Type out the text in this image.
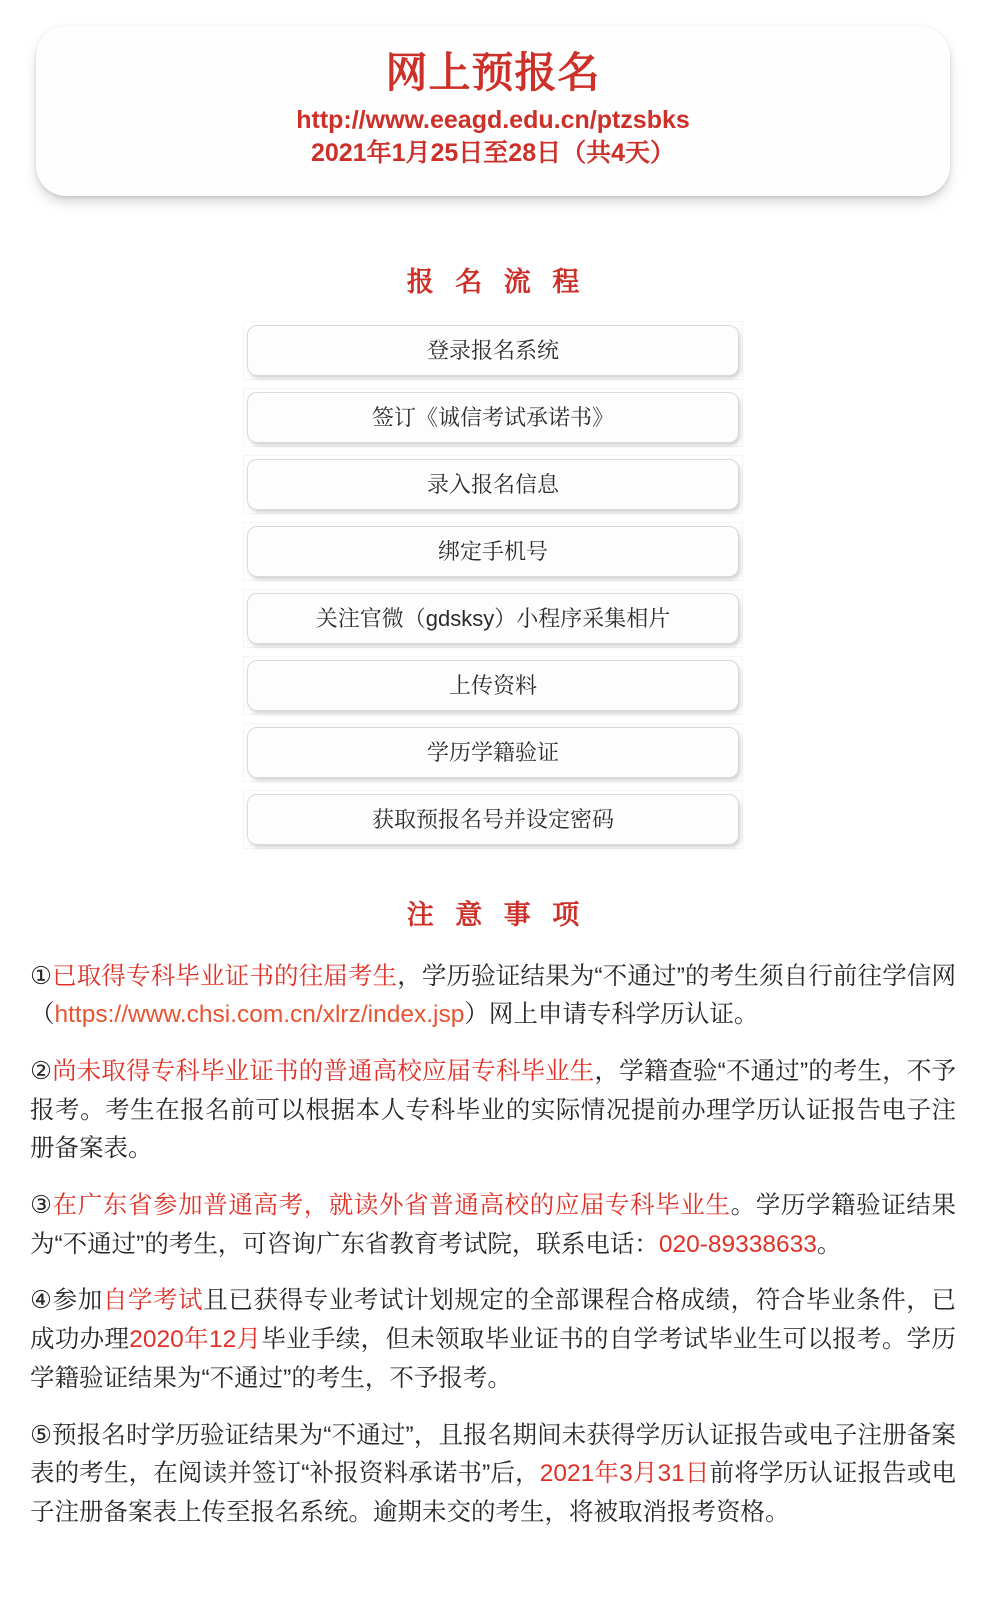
网上预报名
http://www.eeagd.edu.cn/ptzsbks
2021年1月25日至28日（共4天）
报 名 流 程
登录报名系统
签订《诚信考试承诺书》
录入报名信息
绑定手机号
关注官微（gdsksy）小程序采集相片
上传资料
学历学籍验证
获取预报名号并设定密码
注 意 事 项

①已取得专科毕业证书的往届考生，学历验证结果为“不通过”的考生须自行前往学信网（https://www.chsi.com.cn/xlrz/index.jsp）网上申请专科学历认证。

②尚未取得专科毕业证书的普通高校应届专科毕业生，学籍查验“不通过”的考生，不予报考。考生在报名前可以根据本人专科毕业的实际情况提前办理学历认证报告电子注册备案表。

③在广东省参加普通高考，就读外省普通高校的应届专科毕业生。学历学籍验证结果为“不通过”的考生，可咨询广东省教育考试院，联系电话：020-89338633。

④参加自学考试且已获得专业考试计划规定的全部课程合格成绩，符合毕业条件，已成功办理2020年12月毕业手续，但未领取毕业证书的自学考试毕业生可以报考。学历学籍验证结果为“不通过”的考生，不予报考。

⑤预报名时学历验证结果为“不通过”，且报名期间未获得学历认证报告或电子注册备案表的考生，在阅读并签订“补报资料承诺书”后，2021年3月31日前将学历认证报告或电子注册备案表上传至报名系统。逾期未交的考生，将被取消报考资格。
